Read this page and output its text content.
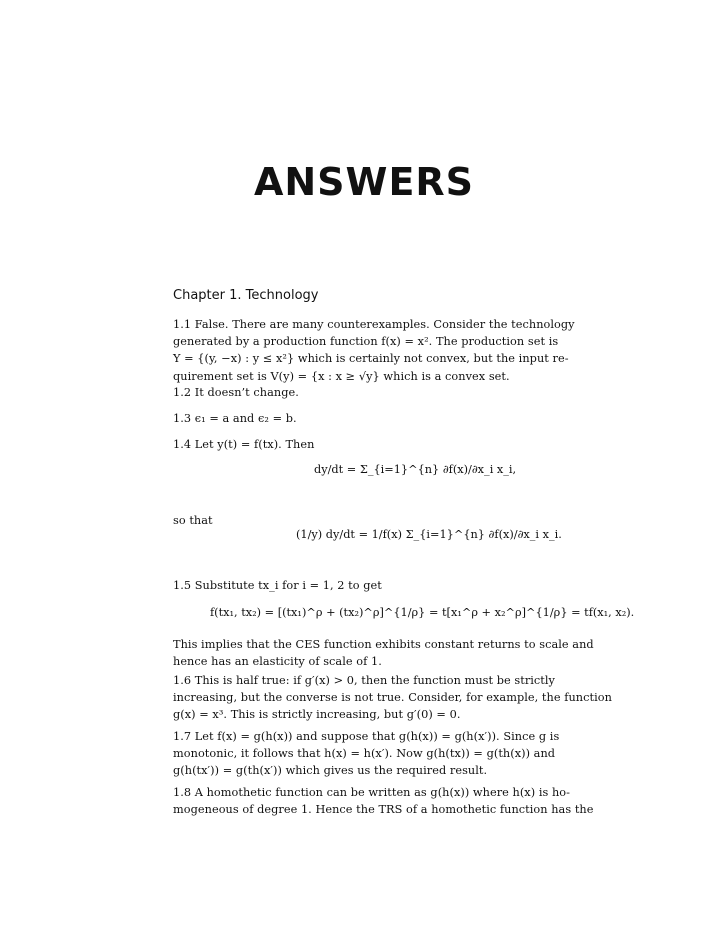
ANSWERS
Chapter 1. Technology
1.1 False. There are many counterexamples. Consider the technology
generated by a production function f(x) = x². The production set is
Y = {(y, −x) : y ≤ x²} which is certainly not convex, but the input re-
quirement set is V(y) = {x : x ≥ √y} which is a convex set.
1.2 It doesn’t change.
1.3 ϵ₁ = a and ϵ₂ = b.
1.4 Let y(t) = f(tx). Then
dy/dt = Σ_{i=1}^{n} ∂f(x)/∂x_i x_i,
so that
(1/y) dy/dt = 1/f(x) Σ_{i=1}^{n} ∂f(x)/∂x_i x_i.
1.5 Substitute tx_i for i = 1, 2 to get
f(tx₁, tx₂) = [(tx₁)^ρ + (tx₂)^ρ]^{1/ρ} = t[x₁^ρ + x₂^ρ]^{1/ρ} = tf(x₁, x₂).
This implies that the CES function exhibits constant returns to scale and
hence has an elasticity of scale of 1.
1.6 This is half true: if g′(x) > 0, then the function must be strictly
increasing, but the converse is not true. Consider, for example, the function
g(x) = x³. This is strictly increasing, but g′(0) = 0.
1.7 Let f(x) = g(h(x)) and suppose that g(h(x)) = g(h(x′)). Since g is
monotonic, it follows that h(x) = h(x′). Now g(h(tx)) = g(th(x)) and
g(h(tx′)) = g(th(x′)) which gives us the required result.
1.8 A homothetic function can be written as g(h(x)) where h(x) is ho-
mogeneous of degree 1. Hence the TRS of a homothetic function has the
